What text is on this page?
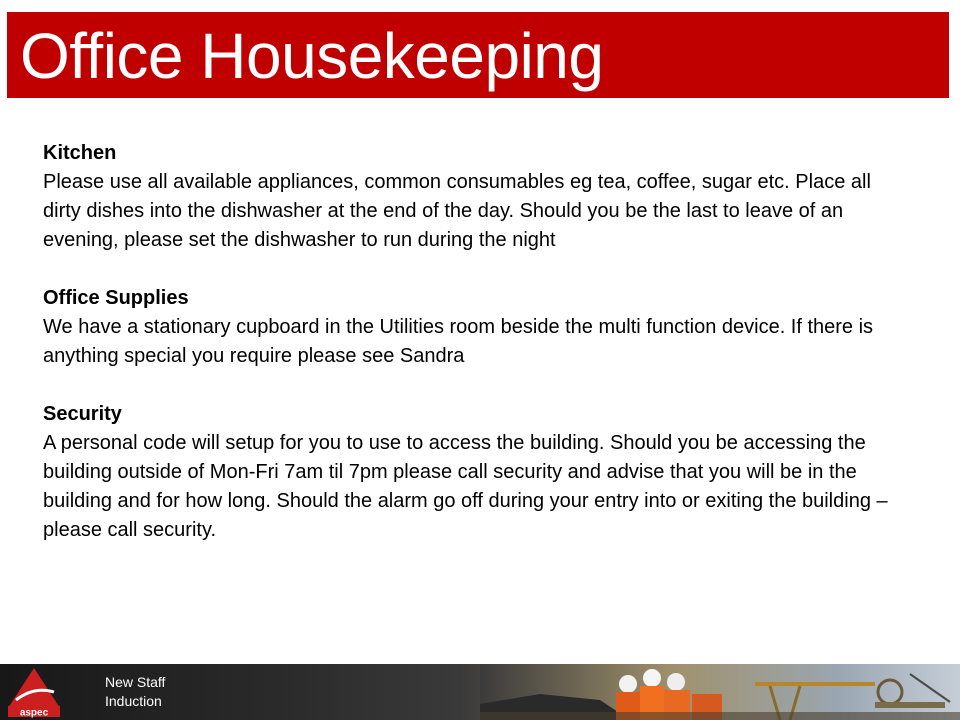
Office Housekeeping
Kitchen
Please use all available appliances, common consumables eg tea, coffee, sugar etc. Place all dirty dishes into the dishwasher at the end of the day. Should you be the last to leave of an evening, please set the dishwasher to run during the night
Office Supplies
We have a stationary cupboard in the Utilities room beside the multi function device. If there is anything special you require please see Sandra
Security
A personal code will setup for you to use to access the building. Should you be accessing the building outside of Mon-Fri 7am til 7pm please call security and advise that you will be in the building and for how long. Should the alarm go off during your entry into or exiting the building – please call security.
aspec
New Staff
Induction
